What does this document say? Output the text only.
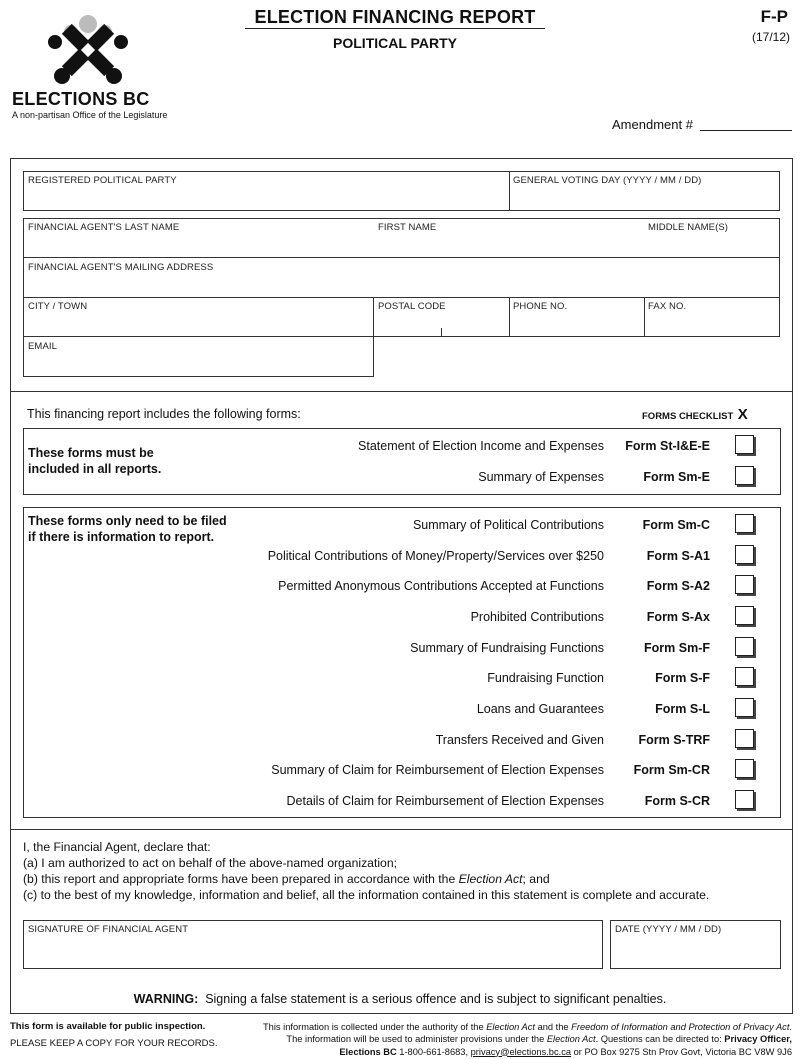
ELECTIONS BC
A non-partisan Office of the Legislature
ELECTION FINANCING REPORT
POLITICAL PARTY
F-P
(17/12)
Amendment #
REGISTERED POLITICAL PARTY	GENERAL VOTING DAY (YYYY / MM / DD)
FINANCIAL AGENT'S LAST NAME	FIRST NAME	MIDDLE NAME(S)
FINANCIAL AGENT'S MAILING ADDRESS
CITY / TOWN	POSTAL CODE	PHONE NO.	FAX NO.
EMAIL
This financing report includes the following forms:	FORMS CHECKLIST X
These forms must be
included in all reports.
Statement of Election Income and Expenses	Form St-I&E-E
Summary of Expenses	Form Sm-E
These forms only need to be filed
if there is information to report.
Summary of Political Contributions	Form Sm-C
Political Contributions of Money/Property/Services over $250	Form S-A1
Permitted Anonymous Contributions Accepted at Functions	Form S-A2
Prohibited Contributions	Form S-Ax
Summary of Fundraising Functions	Form Sm-F
Fundraising Function	Form S-F
Loans and Guarantees	Form S-L
Transfers Received and Given	Form S-TRF
Summary of Claim for Reimbursement of Election Expenses	Form Sm-CR
Details of Claim for Reimbursement of Election Expenses	Form S-CR
I, the Financial Agent, declare that:
(a) I am authorized to act on behalf of the above-named organization;
(b) this report and appropriate forms have been prepared in accordance with the Election Act; and
(c) to the best of my knowledge, information and belief, all the information contained in this statement is complete and accurate.
SIGNATURE OF FINANCIAL AGENT	DATE (YYYY / MM / DD)
WARNING: Signing a false statement is a serious offence and is subject to significant penalties.
This form is available for public inspection.
PLEASE KEEP A COPY FOR YOUR RECORDS.
This information is collected under the authority of the Election Act and the Freedom of Information and Protection of Privacy Act.
The information will be used to administer provisions under the Election Act. Questions can be directed to: Privacy Officer,
Elections BC 1-800-661-8683, privacy@elections.bc.ca or PO Box 9275 Stn Prov Govt, Victoria BC V8W 9J6
